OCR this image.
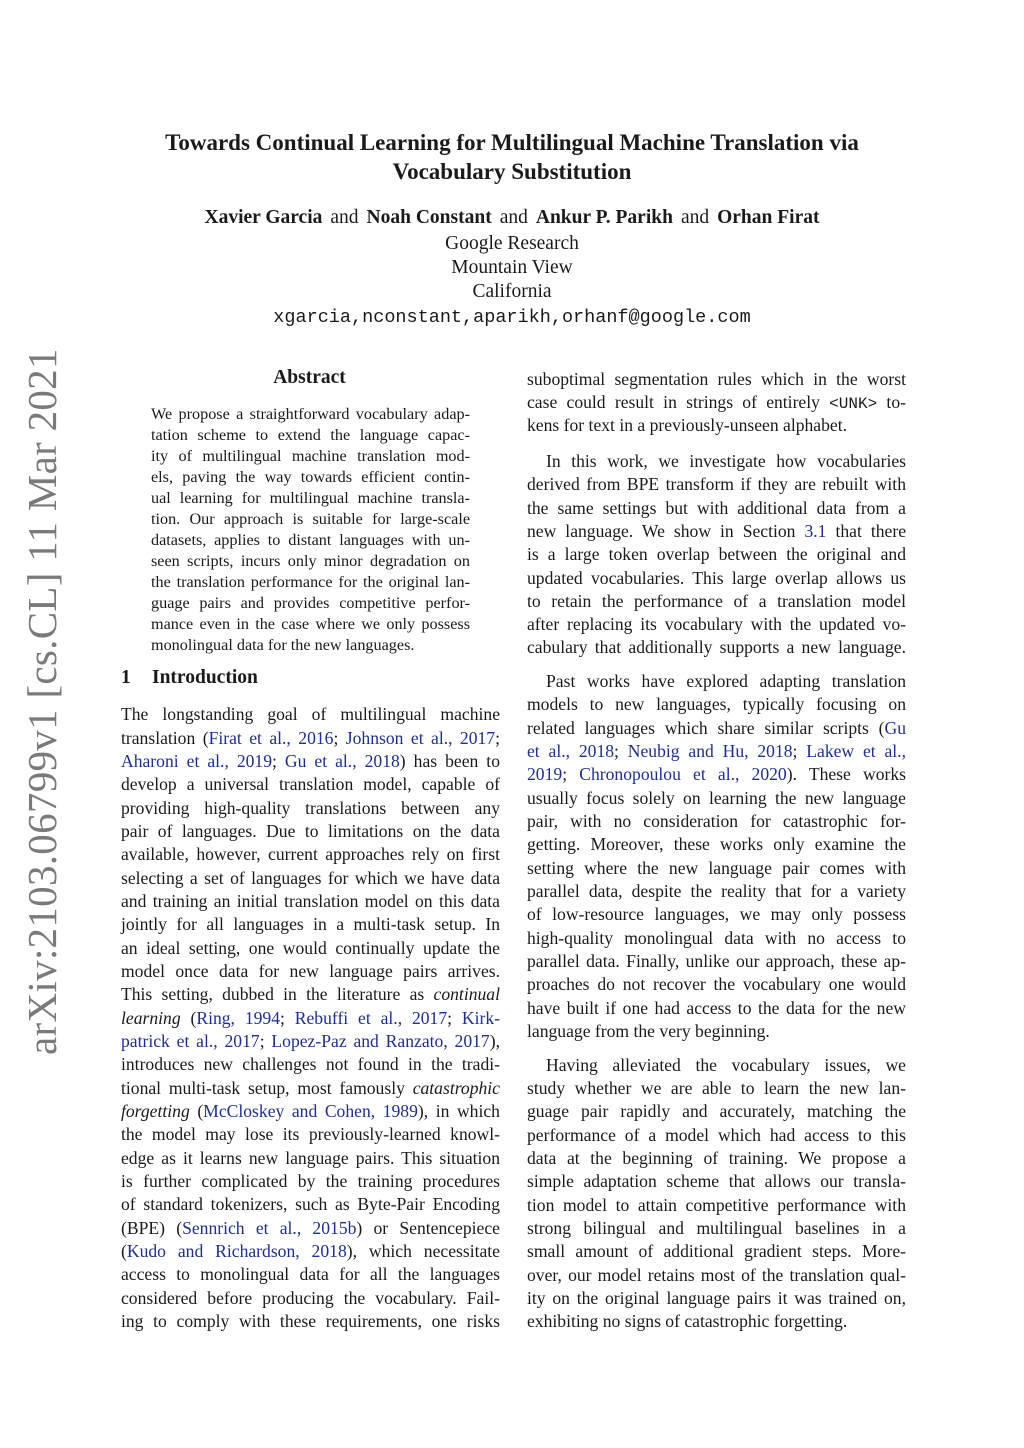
arXiv:2103.06799v1 [cs.CL] 11 Mar 2021
Towards Continual Learning for Multilingual Machine Translation via
Vocabulary Substitution
Xavier Garcia and Noah Constant and Ankur P. Parikh and Orhan Firat
Google Research
Mountain View
California
xgarcia,nconstant,aparikh,orhanf@google.com
Abstract
We propose a straightforward vocabulary adap-
tation scheme to extend the language capac-
ity of multilingual machine translation mod-
els, paving the way towards efficient contin-
ual learning for multilingual machine transla-
tion. Our approach is suitable for large-scale
datasets, applies to distant languages with un-
seen scripts, incurs only minor degradation on
the translation performance for the original lan-
guage pairs and provides competitive perfor-
mance even in the case where we only possess
monolingual data for the new languages.
1 Introduction
The longstanding goal of multilingual machine
translation (Firat et al., 2016; Johnson et al., 2017;
Aharoni et al., 2019; Gu et al., 2018) has been to
develop a universal translation model, capable of
providing high-quality translations between any
pair of languages. Due to limitations on the data
available, however, current approaches rely on first
selecting a set of languages for which we have data
and training an initial translation model on this data
jointly for all languages in a multi-task setup. In
an ideal setting, one would continually update the
model once data for new language pairs arrives.
This setting, dubbed in the literature as continual
learning (Ring, 1994; Rebuffi et al., 2017; Kirk-
patrick et al., 2017; Lopez-Paz and Ranzato, 2017),
introduces new challenges not found in the tradi-
tional multi-task setup, most famously catastrophic
forgetting (McCloskey and Cohen, 1989), in which
the model may lose its previously-learned knowl-
edge as it learns new language pairs. This situation
is further complicated by the training procedures
of standard tokenizers, such as Byte-Pair Encoding
(BPE) (Sennrich et al., 2015b) or Sentencepiece
(Kudo and Richardson, 2018), which necessitate
access to monolingual data for all the languages
considered before producing the vocabulary. Fail-
ing to comply with these requirements, one risks
suboptimal segmentation rules which in the worst
case could result in strings of entirely <UNK> to-
kens for text in a previously-unseen alphabet.
In this work, we investigate how vocabularies
derived from BPE transform if they are rebuilt with
the same settings but with additional data from a
new language. We show in Section 3.1 that there
is a large token overlap between the original and
updated vocabularies. This large overlap allows us
to retain the performance of a translation model
after replacing its vocabulary with the updated vo-
cabulary that additionally supports a new language.
Past works have explored adapting translation
models to new languages, typically focusing on
related languages which share similar scripts (Gu
et al., 2018; Neubig and Hu, 2018; Lakew et al.,
2019; Chronopoulou et al., 2020). These works
usually focus solely on learning the new language
pair, with no consideration for catastrophic for-
getting. Moreover, these works only examine the
setting where the new language pair comes with
parallel data, despite the reality that for a variety
of low-resource languages, we may only possess
high-quality monolingual data with no access to
parallel data. Finally, unlike our approach, these ap-
proaches do not recover the vocabulary one would
have built if one had access to the data for the new
language from the very beginning.
Having alleviated the vocabulary issues, we
study whether we are able to learn the new lan-
guage pair rapidly and accurately, matching the
performance of a model which had access to this
data at the beginning of training. We propose a
simple adaptation scheme that allows our transla-
tion model to attain competitive performance with
strong bilingual and multilingual baselines in a
small amount of additional gradient steps. More-
over, our model retains most of the translation qual-
ity on the original language pairs it was trained on,
exhibiting no signs of catastrophic forgetting.
